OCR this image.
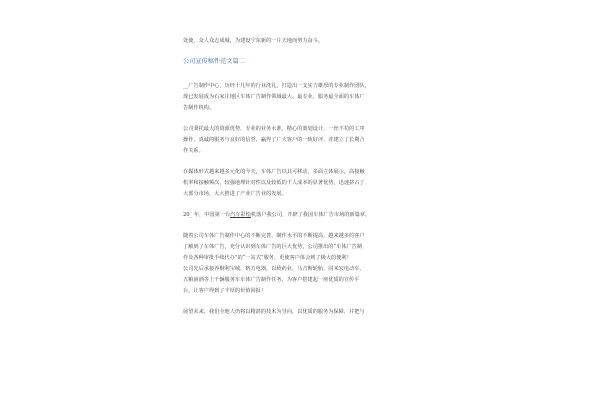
处使，众人众志成城，为建设宁东新的一片天地而努力奋斗。

公司宣传稿件范文篇二

__广告制作中心，历经十几年的行业洗礼，打造出一支实力雄厚的专业制作团队，
现已发展成为石家庄地区车体广告制作领域最大、最专业、服务最全面的车体广
告制作机构。

公司秉托最大的资源优势，专业的业务水准，精心的策划设计，一丝不苟的工序
操作，真诚的服务与良好的信誉，赢得了广大客户的一致好评，并建立了长期合
作关系。

在媒体形式越来越多元化的今天，车体广告以其可移动，多面立体展示，高接触
机率和接触频次，较强地理针对性以及较低的千人成本的显著优势，迅速挤占了
大部分市场，大大推进了产业广告业的发展。

20_ 年，中国第一台汽车彩绘机落户我公司，开辟了我国车体广告市场的新篇章。

随着公司车体广告制作中心的不断完善，制作水平的不断提高，越来越多的客户
了解到了车体广告，充分认识到车体广告的巨大优势，公司推出的“车体广告制
作及各种审批手续代办”的“一站式”服务，更使客户体会到了极大的便利！
公司先后承接养桐利宝城，格力电器，以岭药业，马吉斯轮胎，同米宏电动车，
五粮液酒等上千辆服务车车体广告制作任务，为客户搭建起一座优质的宣传平
台，让客户得到了丰厚的价值回报！

展望未来，我们全地人仍将以精湛的技术为导向，以优质的服务为保障，并把与
